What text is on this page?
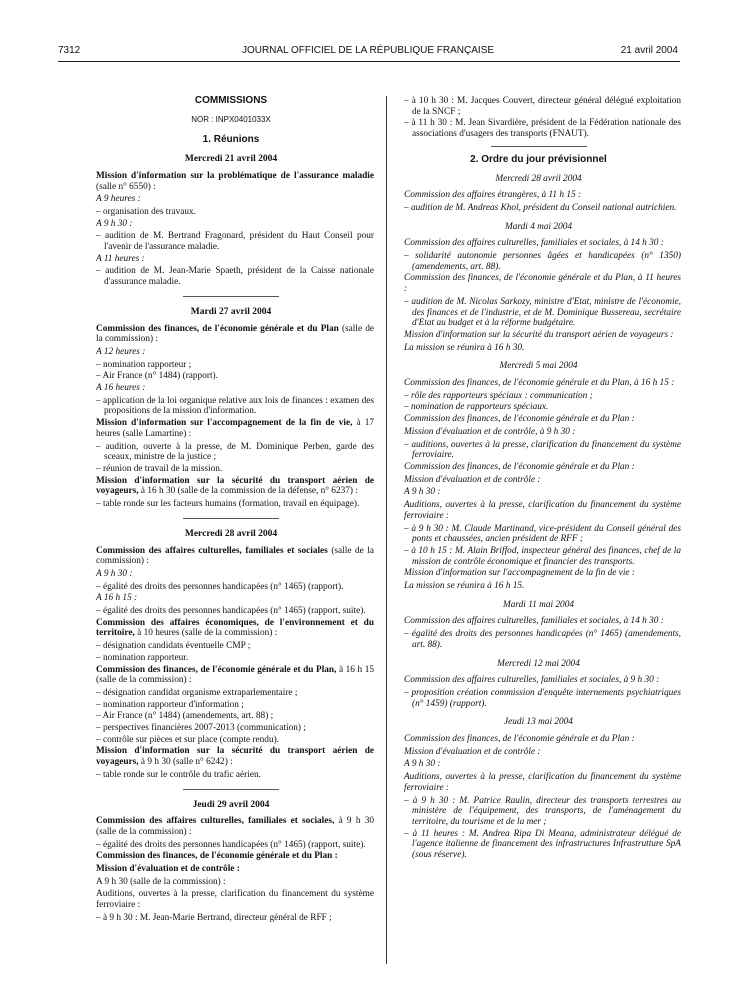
7312	JOURNAL OFFICIEL DE LA RÉPUBLIQUE FRANÇAISE	21 avril 2004
COMMISSIONS
NOR : INPX0401033X
1. Réunions
Mercredi 21 avril 2004
Mission d'information sur la problématique de l'assurance maladie (salle n° 6550) :
A 9 heures :
– organisation des travaux.
A 9 h 30 :
– audition de M. Bertrand Fragonard, président du Haut Conseil pour l'avenir de l'assurance maladie.
A 11 heures :
– audition de M. Jean-Marie Spaeth, président de la Caisse nationale d'assurance maladie.
Mardi 27 avril 2004
Commission des finances, de l'économie générale et du Plan (salle de la commission) :
A 12 heures :
– nomination rapporteur ;
– Air France (n° 1484) (rapport).
A 16 heures :
– application de la loi organique relative aux lois de finances : examen des propositions de la mission d'information.
Mission d'information sur l'accompagnement de la fin de vie, à 17 heures (salle Lamartine) :
– audition, ouverte à la presse, de M. Dominique Perben, garde des sceaux, ministre de la justice ;
– réunion de travail de la mission.
Mission d'information sur la sécurité du transport aérien de voyageurs, à 16 h 30 (salle de la commission de la défense, n° 6237) :
– table ronde sur les facteurs humains (formation, travail en équipage).
Mercredi 28 avril 2004
Commission des affaires culturelles, familiales et sociales (salle de la commission) :
A 9 h 30 :
– égalité des droits des personnes handicapées (n° 1465) (rapport).
A 16 h 15 :
– égalité des droits des personnes handicapées (n° 1465) (rapport, suite).
Commission des affaires économiques, de l'environnement et du territoire, à 10 heures (salle de la commission) :
– désignation candidats éventuelle CMP ;
– nomination rapporteur.
Commission des finances, de l'économie générale et du Plan, à 16 h 15 (salle de la commission) :
– désignation candidat organisme extraparlementaire ;
– nomination rapporteur d'information ;
– Air France (n° 1484) (amendements, art. 88) ;
– perspectives financières 2007-2013 (communication) ;
– contrôle sur pièces et sur place (compte rendu).
Mission d'information sur la sécurité du transport aérien de voyageurs, à 9 h 30 (salle n° 6242) :
– table ronde sur le contrôle du trafic aérien.
Jeudi 29 avril 2004
Commission des affaires culturelles, familiales et sociales, à 9 h 30 (salle de la commission) :
– égalité des droits des personnes handicapées (n° 1465) (rapport, suite).
Commission des finances, de l'économie générale et du Plan :
Mission d'évaluation et de contrôle :
A 9 h 30 (salle de la commission) :
Auditions, ouvertes à la presse, clarification du financement du système ferroviaire :
– à 9 h 30 : M. Jean-Marie Bertrand, directeur général de RFF ;
– à 10 h 30 : M. Jacques Couvert, directeur général délégué exploitation de la SNCF ;
– à 11 h 30 : M. Jean Sivardière, président de la Fédération nationale des associations d'usagers des transports (FNAUT).
2. Ordre du jour prévisionnel
Mercredi 28 avril 2004
Commission des affaires étrangères, à 11 h 15 :
– audition de M. Andreas Khol, président du Conseil national autrichien.
Mardi 4 mai 2004
Commission des affaires culturelles, familiales et sociales, à 14 h 30 :
– solidarité autonomie personnes âgées et handicapées (n° 1350) (amendements, art. 88).
Commission des finances, de l'économie générale et du Plan, à 11 heures :
– audition de M. Nicolas Sarkozy, ministre d'Etat, ministre de l'économie, des finances et de l'industrie, et de M. Dominique Bussereau, secrétaire d'Etat au budget et à la réforme budgétaire.
Mission d'information sur la sécurité du transport aérien de voyageurs :
La mission se réunira à 16 h 30.
Mercredi 5 mai 2004
Commission des finances, de l'économie générale et du Plan, à 16 h 15 :
– rôle des rapporteurs spéciaux : communication ;
– nomination de rapporteurs spéciaux.
Commission des finances, de l'économie générale et du Plan :
Mission d'évaluation et de contrôle, à 9 h 30 :
– auditions, ouvertes à la presse, clarification du financement du système ferroviaire.
Commission des finances, de l'économie générale et du Plan :
Mission d'évaluation et de contrôle :
A 9 h 30 :
Auditions, ouvertes à la presse, clarification du financement du système ferroviaire :
– à 9 h 30 : M. Claude Martinand, vice-président du Conseil général des ponts et chaussées, ancien président de RFF ;
– à 10 h 15 : M. Alain Briffod, inspecteur général des finances, chef de la mission de contrôle économique et financier des transports.
Mission d'information sur l'accompagnement de la fin de vie :
La mission se réunira à 16 h 15.
Mardi 11 mai 2004
Commission des affaires culturelles, familiales et sociales, à 14 h 30 :
– égalité des droits des personnes handicapées (n° 1465) (amendements, art. 88).
Mercredi 12 mai 2004
Commission des affaires culturelles, familiales et sociales, à 9 h 30 :
– proposition création commission d'enquête internements psychiatriques (n° 1459) (rapport).
Jeudi 13 mai 2004
Commission des finances, de l'économie générale et du Plan :
Mission d'évaluation et de contrôle :
A 9 h 30 :
Auditions, ouvertes à la presse, clarification du financement du système ferroviaire :
– à 9 h 30 : M. Patrice Raulin, directeur des transports terrestres au ministère de l'équipement, des transports, de l'aménagement du territoire, du tourisme et de la mer ;
– à 11 heures : M. Andrea Ripa Di Meana, administrateur délégué de l'agence italienne de financement des infrastructures Infrastrutture SpA (sous réserve).
